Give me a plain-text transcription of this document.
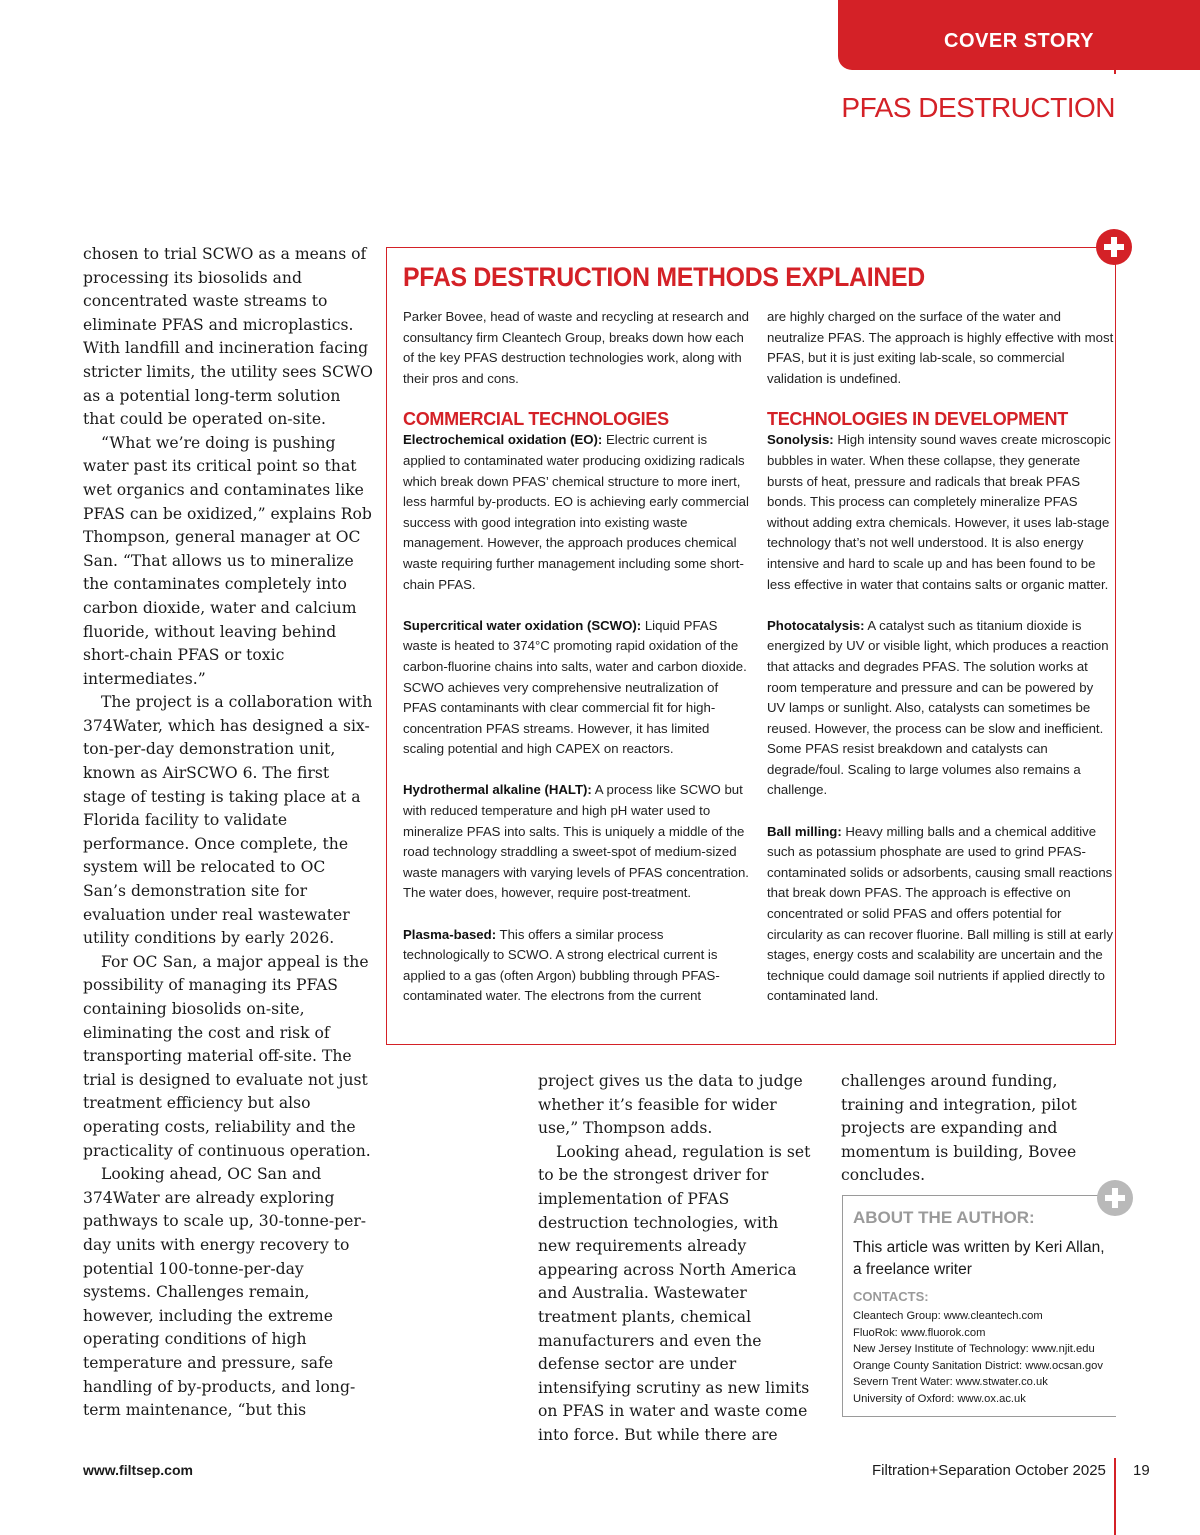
COVER STORY
PFAS DESTRUCTION

chosen to trial SCWO as a means of processing its biosolids and concentrated waste streams to eliminate PFAS and microplastics. With landfill and incineration facing stricter limits, the utility sees SCWO as a potential long-term solution that could be operated on-site.

“What we’re doing is pushing water past its critical point so that wet organics and contaminates like PFAS can be oxidized,” explains Rob Thompson, general manager at OC San. “That allows us to mineralize the contaminates completely into carbon dioxide, water and calcium fluoride, without leaving behind short-chain PFAS or toxic intermediates.”

The project is a collaboration with 374Water, which has designed a six-ton-per-day demonstration unit, known as AirSCWO 6. The first stage of testing is taking place at a Florida facility to validate performance. Once complete, the system will be relocated to OC San’s demonstration site for evaluation under real wastewater utility conditions by early 2026.

For OC San, a major appeal is the possibility of managing its PFAS containing biosolids on-site, eliminating the cost and risk of transporting material off-site. The trial is designed to evaluate not just treatment efficiency but also operating costs, reliability and the practicality of continuous operation.

Looking ahead, OC San and 374Water are already exploring pathways to scale up, 30-tonne-per-day units with energy recovery to potential 100-tonne-per-day systems. Challenges remain, however, including the extreme operating conditions of high temperature and pressure, safe handling of by-products, and long-term maintenance, “but this

PFAS DESTRUCTION METHODS EXPLAINED

Parker Bovee, head of waste and recycling at research and consultancy firm Cleantech Group, breaks down how each of the key PFAS destruction technologies work, along with their pros and cons.

COMMERCIAL TECHNOLOGIES

Electrochemical oxidation (EO): Electric current is applied to contaminated water producing oxidizing radicals which break down PFAS’ chemical structure to more inert, less harmful by-products. EO is achieving early commercial success with good integration into existing waste management. However, the approach produces chemical waste requiring further management including some short-chain PFAS.

Supercritical water oxidation (SCWO): Liquid PFAS waste is heated to 374°C promoting rapid oxidation of the carbon-fluorine chains into salts, water and carbon dioxide. SCWO achieves very comprehensive neutralization of PFAS contaminants with clear commercial fit for high-concentration PFAS streams. However, it has limited scaling potential and high CAPEX on reactors.

Hydrothermal alkaline (HALT): A process like SCWO but with reduced temperature and high pH water used to mineralize PFAS into salts. This is uniquely a middle of the road technology straddling a sweet-spot of medium-sized waste managers with varying levels of PFAS concentration. The water does, however, require post-treatment.

Plasma-based: This offers a similar process technologically to SCWO. A strong electrical current is applied to a gas (often Argon) bubbling through PFAS-contaminated water. The electrons from the current

are highly charged on the surface of the water and neutralize PFAS. The approach is highly effective with most PFAS, but it is just exiting lab-scale, so commercial validation is undefined.

TECHNOLOGIES IN DEVELOPMENT

Sonolysis: High intensity sound waves create microscopic bubbles in water. When these collapse, they generate bursts of heat, pressure and radicals that break PFAS bonds. This process can completely mineralize PFAS without adding extra chemicals. However, it uses lab-stage technology that’s not well understood. It is also energy intensive and hard to scale up and has been found to be less effective in water that contains salts or organic matter.

Photocatalysis: A catalyst such as titanium dioxide is energized by UV or visible light, which produces a reaction that attacks and degrades PFAS. The solution works at room temperature and pressure and can be powered by UV lamps or sunlight. Also, catalysts can sometimes be reused. However, the process can be slow and inefficient. Some PFAS resist breakdown and catalysts can degrade/foul. Scaling to large volumes also remains a challenge.

Ball milling: Heavy milling balls and a chemical additive such as potassium phosphate are used to grind PFAS-contaminated solids or adsorbents, causing small reactions that break down PFAS. The approach is effective on concentrated or solid PFAS and offers potential for circularity as can recover fluorine. Ball milling is still at early stages, energy costs and scalability are uncertain and the technique could damage soil nutrients if applied directly to contaminated land.

project gives us the data to judge whether it’s feasible for wider use,” Thompson adds.

Looking ahead, regulation is set to be the strongest driver for implementation of PFAS destruction technologies, with new requirements already appearing across North America and Australia. Wastewater treatment plants, chemical manufacturers and even the defense sector are under intensifying scrutiny as new limits on PFAS in water and waste come into force. But while there are

challenges around funding, training and integration, pilot projects are expanding and momentum is building, Bovee concludes.

ABOUT THE AUTHOR:
This article was written by Keri Allan, a freelance writer
CONTACTS:
Cleantech Group: www.cleantech.com
FluoRok: www.fluorok.com
New Jersey Institute of Technology: www.njit.edu
Orange County Sanitation District: www.ocsan.gov
Severn Trent Water: www.stwater.co.uk
University of Oxford: www.ox.ac.uk
www.filtsep.com	Filtration+Separation October 2025 19
